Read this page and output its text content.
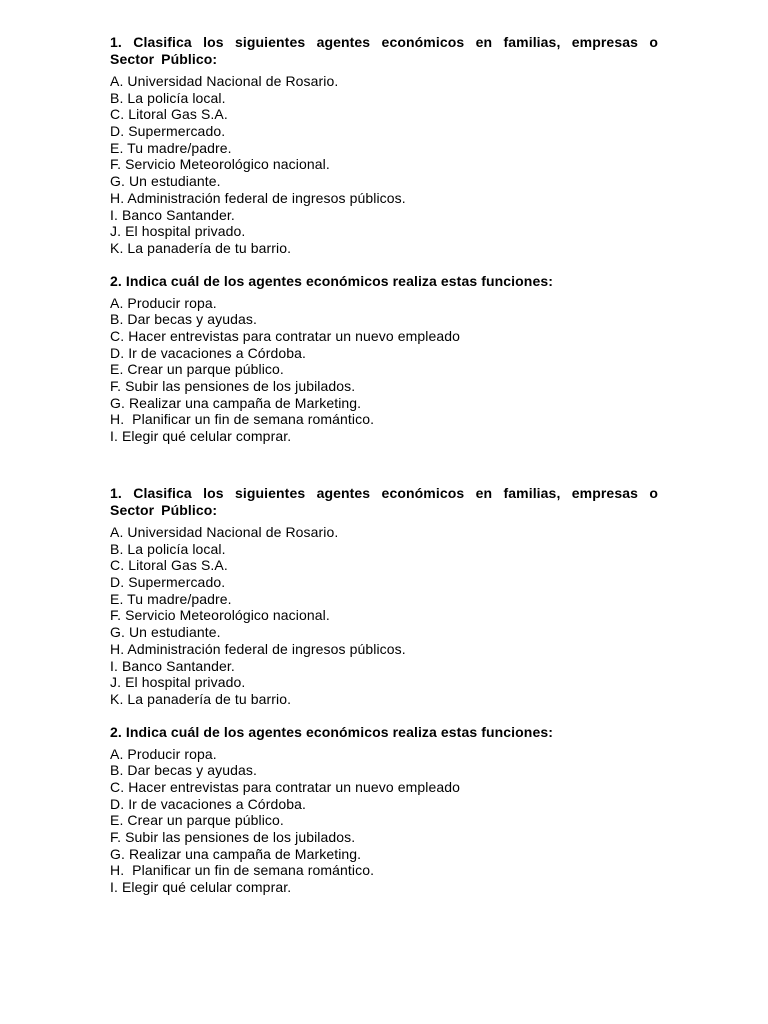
1. Clasifica los siguientes agentes económicos en familias, empresas o Sector Público:

A. Universidad Nacional de Rosario.
B. La policía local.
C. Litoral Gas S.A.
D. Supermercado.
E. Tu madre/padre.
F. Servicio Meteorológico nacional.
G. Un estudiante.
H. Administración federal de ingresos públicos.
I. Banco Santander.
J. El hospital privado.
K. La panadería de tu barrio.

2. Indica cuál de los agentes económicos realiza estas funciones:

A. Producir ropa.
B. Dar becas y ayudas.
C. Hacer entrevistas para contratar un nuevo empleado
D. Ir de vacaciones a Córdoba.
E. Crear un parque público.
F. Subir las pensiones de los jubilados.
G. Realizar una campaña de Marketing.
H.  Planificar un fin de semana romántico.
I. Elegir qué celular comprar.

1. Clasifica los siguientes agentes económicos en familias, empresas o Sector Público:

A. Universidad Nacional de Rosario.
B. La policía local.
C. Litoral Gas S.A.
D. Supermercado.
E. Tu madre/padre.
F. Servicio Meteorológico nacional.
G. Un estudiante.
H. Administración federal de ingresos públicos.
I. Banco Santander.
J. El hospital privado.
K. La panadería de tu barrio.

2. Indica cuál de los agentes económicos realiza estas funciones:

A. Producir ropa.
B. Dar becas y ayudas.
C. Hacer entrevistas para contratar un nuevo empleado
D. Ir de vacaciones a Córdoba.
E. Crear un parque público.
F. Subir las pensiones de los jubilados.
G. Realizar una campaña de Marketing.
H.  Planificar un fin de semana romántico.
I. Elegir qué celular comprar.
